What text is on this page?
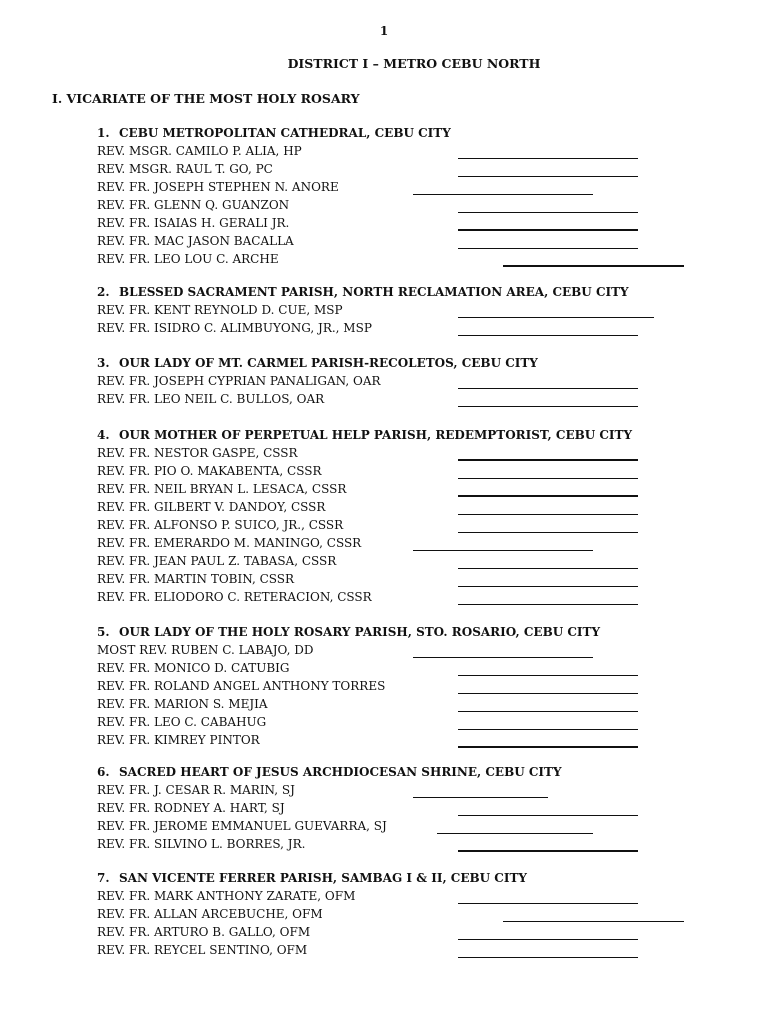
1
DISTRICT I – METRO CEBU NORTH
I. VICARIATE OF THE MOST HOLY ROSARY
1. CEBU METROPOLITAN CATHEDRAL, CEBU CITY
REV. MSGR. CAMILO P. ALIA, HP
REV. MSGR. RAUL T. GO, PC
REV. FR. JOSEPH STEPHEN N. ANORE
REV. FR. GLENN Q. GUANZON
REV. FR. ISAIAS H. GERALI JR.
REV. FR. MAC JASON BACALLA
REV. FR. LEO LOU C. ARCHE
2. BLESSED SACRAMENT PARISH, NORTH RECLAMATION AREA, CEBU CITY
REV. FR. KENT REYNOLD D. CUE, MSP
REV. FR. ISIDRO C. ALIMBUYONG, JR., MSP
3. OUR LADY OF MT. CARMEL PARISH-RECOLETOS, CEBU CITY
REV. FR. JOSEPH CYPRIAN PANALIGAN, OAR
REV. FR. LEO NEIL C. BULLOS, OAR
4. OUR MOTHER OF PERPETUAL HELP PARISH, REDEMPTORIST, CEBU CITY
REV. FR. NESTOR GASPE, CSSR
REV. FR. PIO O. MAKABENTA, CSSR
REV. FR. NEIL BRYAN L. LESACA, CSSR
REV. FR. GILBERT V. DANDOY, CSSR
REV. FR. ALFONSO P. SUICO, JR., CSSR
REV. FR. EMERARDO M. MANINGO, CSSR
REV. FR. JEAN PAUL Z. TABASA, CSSR
REV. FR. MARTIN TOBIN, CSSR
REV. FR. ELIODORO C. RETERACION, CSSR
5. OUR LADY OF THE HOLY ROSARY PARISH, STO. ROSARIO, CEBU CITY
MOST REV. RUBEN C. LABAJO, DD
REV. FR. MONICO D. CATUBIG
REV. FR. ROLAND ANGEL ANTHONY TORRES
REV. FR. MARION S. MEJIA
REV. FR. LEO C. CABAHUG
REV. FR. KIMREY PINTOR
6. SACRED HEART OF JESUS ARCHDIOCESAN SHRINE, CEBU CITY
REV. FR. J. CESAR R. MARIN, SJ
REV. FR. RODNEY A. HART, SJ
REV. FR. JEROME EMMANUEL GUEVARRA, SJ
REV. FR. SILVINO L. BORRES, JR.
7. SAN VICENTE FERRER PARISH, SAMBAG I & II, CEBU CITY
REV. FR. MARK ANTHONY ZARATE, OFM
REV. FR. ALLAN ARCEBUCHE, OFM
REV. FR. ARTURO B. GALLO, OFM
REV. FR. REYCEL SENTINO, OFM
